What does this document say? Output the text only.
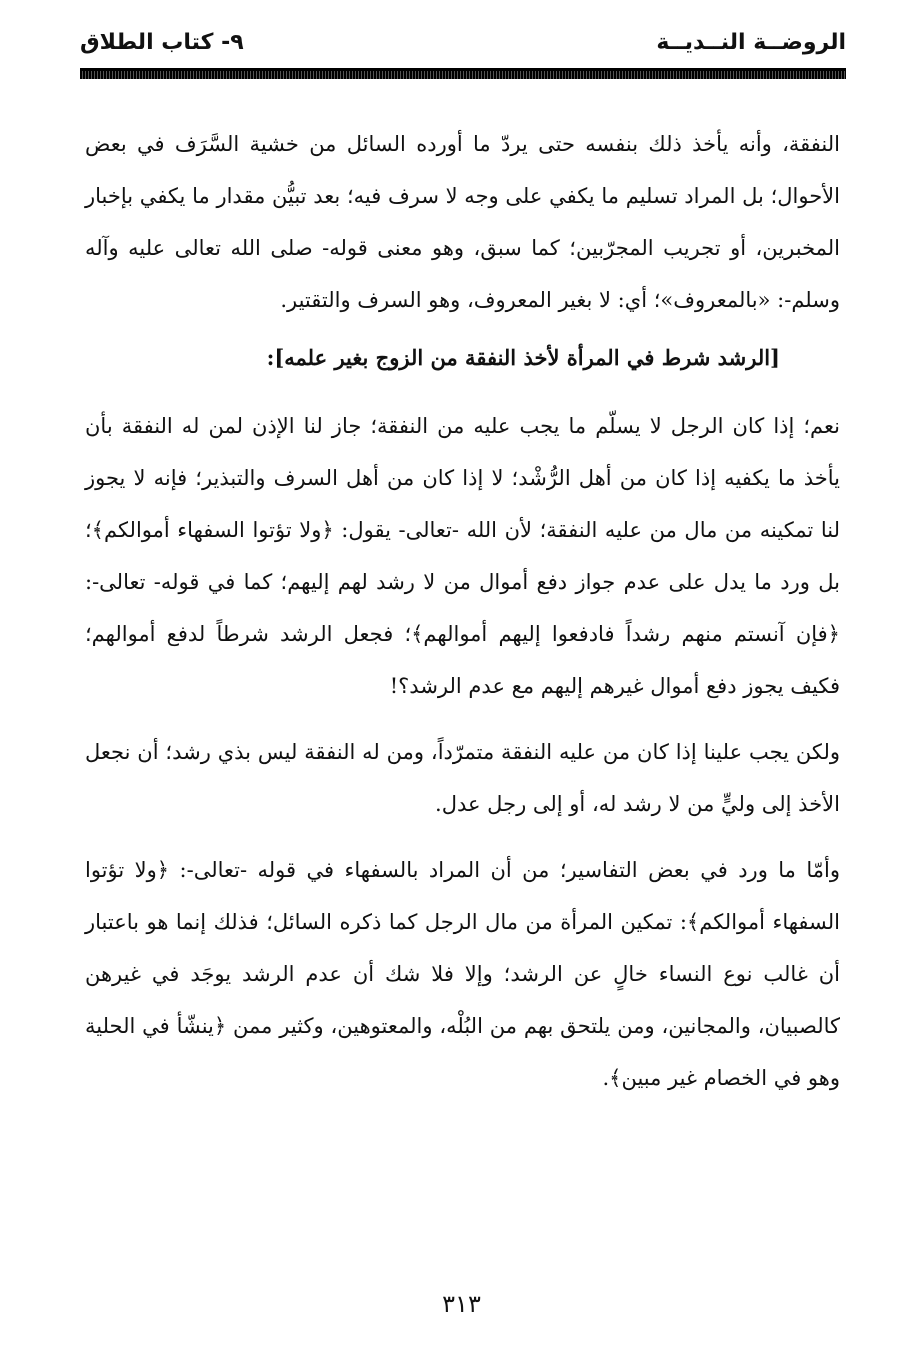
الروضــة النــديــة
٩- كتاب الطلاق

النفقة، وأنه يأخذ ذلك بنفسه حتى يردّ ما أورده السائل من خشية السَّرَف في بعض الأحوال؛ بل المراد تسليم ما يكفي على وجه لا سرف فيه؛ بعد تبيُّن مقدار ما يكفي بإخبار المخبرين، أو تجريب المجرّبين؛ كما سبق، وهو معنى قوله- صلى الله تعالى عليه وآله وسلم-: «بالمعروف»؛ أي: لا بغير المعروف، وهو السرف والتقتير.

[الرشد شرط في المرأة لأخذ النفقة من الزوج بغير علمه]:

نعم؛ إذا كان الرجل لا يسلّم ما يجب عليه من النفقة؛ جاز لنا الإذن لمن له النفقة بأن يأخذ ما يكفيه إذا كان من أهل الرُّشْد؛ لا إذا كان من أهل السرف والتبذير؛ فإنه لا يجوز لنا تمكينه من مال من عليه النفقة؛ لأن الله -تعالى- يقول: ﴿ولا تؤتوا السفهاء أموالكم﴾؛ بل ورد ما يدل على عدم جواز دفع أموال من لا رشد لهم إليهم؛ كما في قوله- تعالى-: ﴿فإن آنستم منهم رشداً فادفعوا إليهم أموالهم﴾؛ فجعل الرشد شرطاً لدفع أموالهم؛ فكيف يجوز دفع أموال غيرهم إليهم مع عدم الرشد؟!

ولكن يجب علينا إذا كان من عليه النفقة متمرّداً، ومن له النفقة ليس بذي رشد؛ أن نجعل الأخذ إلى وليٍّ من لا رشد له، أو إلى رجل عدل.

وأمّا ما ورد في بعض التفاسير؛ من أن المراد بالسفهاء في قوله -تعالى-: ﴿ولا تؤتوا السفهاء أموالكم﴾: تمكين المرأة من مال الرجل كما ذكره السائل؛ فذلك إنما هو باعتبار أن غالب نوع النساء خالٍ عن الرشد؛ وإلا فلا شك أن عدم الرشد يوجَد في غيرهن كالصبيان، والمجانين، ومن يلتحق بهم من البُلْه، والمعتوهين، وكثير ممن ﴿ينشّأ في الحلية وهو في الخصام غير مبين﴾.

٣١٣
